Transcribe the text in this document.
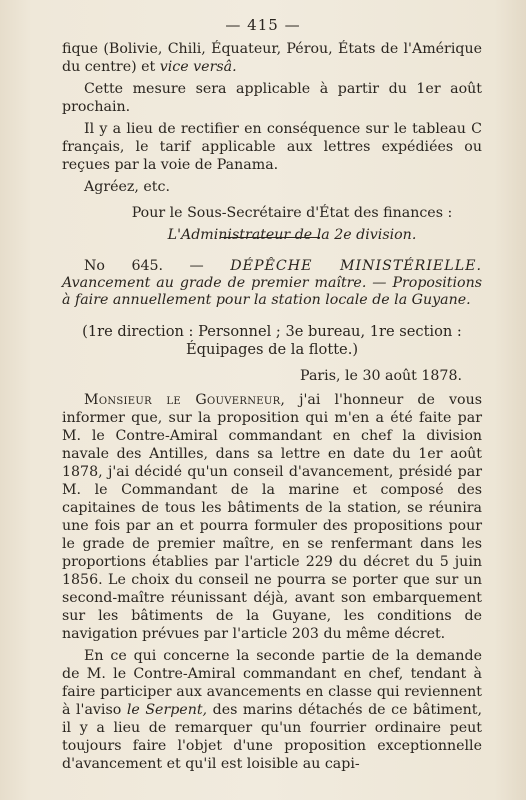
— 415 —

fique (Bolivie, Chili, Équateur, Pérou, États de l'Amérique du centre) et vice versâ.

Cette mesure sera applicable à partir du 1er août prochain.

Il y a lieu de rectifier en conséquence sur le tableau C français, le tarif applicable aux lettres expédiées ou reçues par la voie de Panama.

Agréez, etc.

Pour le Sous-Secrétaire d'État des finances :

L'Administrateur de la 2e division.

No 645. — DÉPÊCHE MINISTÉRIELLE. Avancement au grade de premier maître. — Propositions à faire annuellement pour la station locale de la Guyane.

(1re direction : Personnel ; 3e bureau, 1re section : Équipages de la flotte.)

Paris, le 30 août 1878.

Monsieur le Gouverneur, j'ai l'honneur de vous informer que, sur la proposition qui m'en a été faite par M. le Contre-Amiral commandant en chef la division navale des Antilles, dans sa lettre en date du 1er août 1878, j'ai décidé qu'un conseil d'avancement, présidé par M. le Commandant de la marine et composé des capitaines de tous les bâtiments de la station, se réunira une fois par an et pourra formuler des propositions pour le grade de premier maître, en se renfermant dans les proportions établies par l'article 229 du décret du 5 juin 1856. Le choix du conseil ne pourra se porter que sur un second-maître réunissant déjà, avant son embarquement sur les bâtiments de la Guyane, les conditions de navigation prévues par l'article 203 du même décret.

En ce qui concerne la seconde partie de la demande de M. le Contre-Amiral commandant en chef, tendant à faire participer aux avancements en classe qui reviennent à l'aviso le Serpent, des marins détachés de ce bâtiment, il y a lieu de remarquer qu'un fourrier ordinaire peut toujours faire l'objet d'une proposition exceptionnelle d'avancement et qu'il est loisible au capi-
